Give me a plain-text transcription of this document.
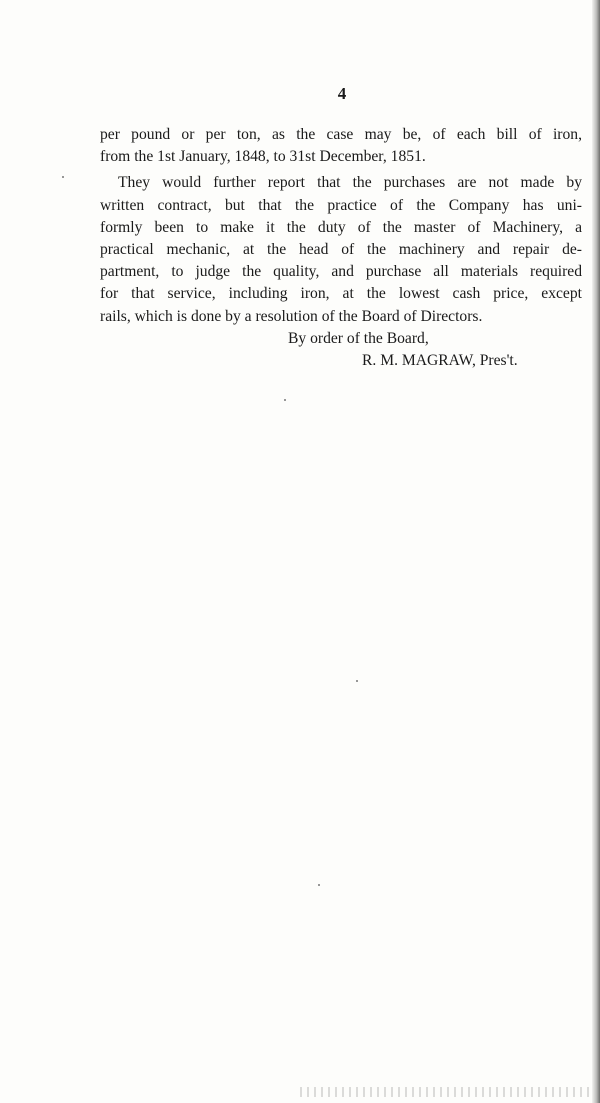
4
per pound or per ton, as the case may be, of each bill of iron,
from the 1st January, 1848, to 31st December, 1851.
They would further report that the purchases are not made by
written contract, but that the practice of the Company has uni-
formly been to make it the duty of the master of Machinery, a
practical mechanic, at the head of the machinery and repair de-
partment, to judge the quality, and purchase all materials required
for that service, including iron, at the lowest cash price, except
rails, which is done by a resolution of the Board of Directors.
By order of the Board,
R. M. MAGRAW, Pres't.
